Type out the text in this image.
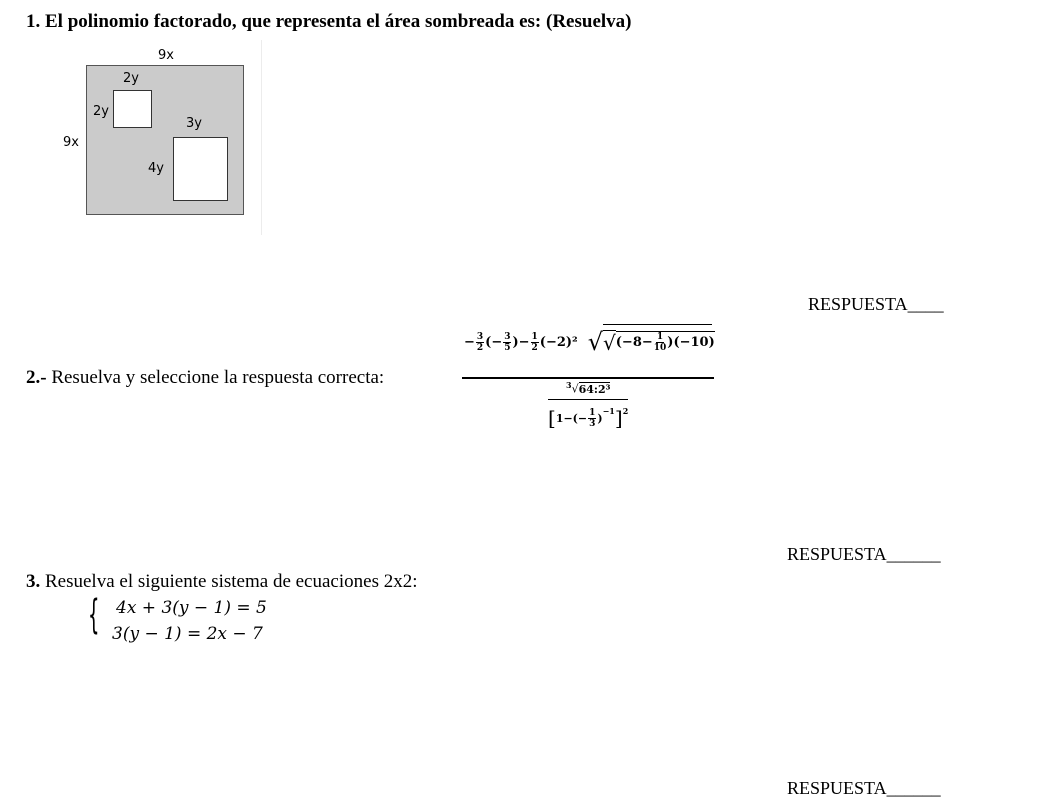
1. El polinomio factorado, que representa el área sombreada es: (Resuelva)
9x
9x
2y
2y
3y
4y
RESPUESTA____
2.- Resuelva y seleccione la respuesta correcta:
− $\frac{3}{2}$ (− $\frac{3}{5}$ )− $\frac{1}{2} (-2)^2$ √ √ $(-8- \frac{1}{10} )(-10)$
$^3$√64:2³
[ $1-(- \frac{1}{3}$ )
$^{-1}$ ]$^2$
RESPUESTA______
3. Resuelva el siguiente sistema de ecuaciones 2x2:
{ 4x + 3(y − 1) = 5
3(y − 1) = 2x − 7
RESPUESTA______
